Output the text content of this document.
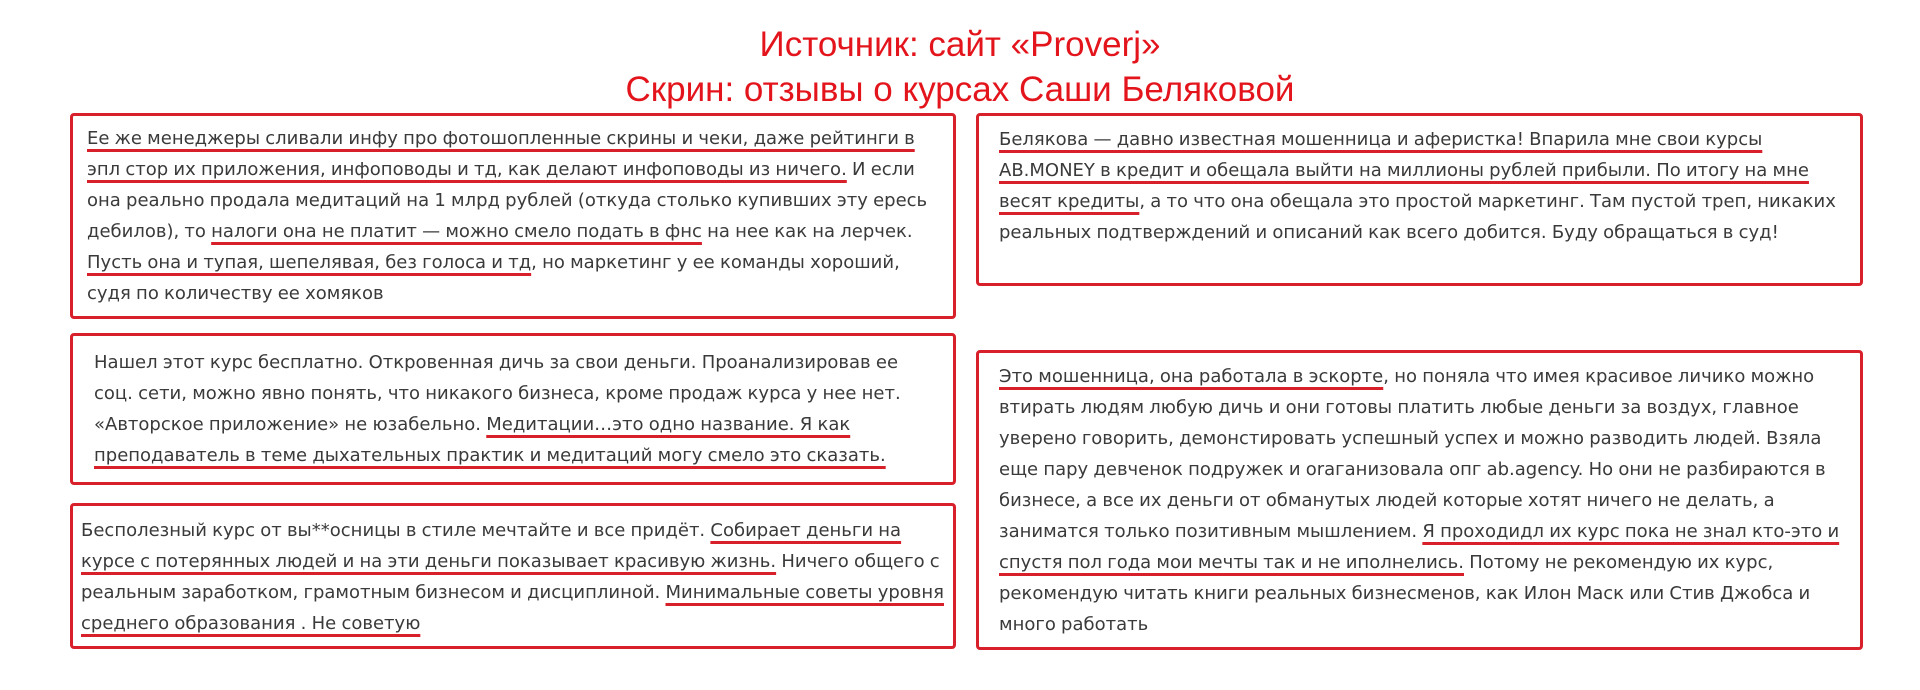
Источник: сайт «Proverj»
Скрин: отзывы о курсах Саши Беляковой

Ее же менеджеры сливали инфу про фотошопленные скрины и чеки, даже рейтинги в эпл стор их приложения, инфоповоды и тд, как делают инфоповоды из ничего. И если она реально продала медитаций на 1 млрд рублей (откуда столько купивших эту ересь дебилов), то налоги она не платит — можно смело подать в фнс на нее как на лерчек. Пусть она и тупая, шепелявая, без голоса и тд, но маркетинг у ее команды хороший, судя по количеству ее хомяков

Нашел этот курс бесплатно. Откровенная дичь за свои деньги. Проанализировав ее соц. сети, можно явно понять, что никакого бизнеса, кроме продаж курса у нее нет. «Авторское приложение» не юзабельно. Медитации…это одно название. Я как преподаватель в теме дыхательных практик и медитаций могу смело это сказать.

Бесполезный курс от вы**осницы в стиле мечтайте и все придёт. Собирает деньги на курсе с потерянных людей и на эти деньги показывает красивую жизнь. Ничего общего с реальным заработком, грамотным бизнесом и дисциплиной. Минимальные советы уровня среднего образования . Не советую

Белякова — давно известная мошенница и аферистка! Впарила мне свои курсы AB.MONEY в кредит и обещала выйти на миллионы рублей прибыли. По итогу на мне весят кредиты, а то что она обещала это простой маркетинг. Там пустой треп, никаких реальных подтверждений и описаний как всего добится. Буду обращаться в суд!

Это мошенница, она работала в эскорте, но поняла что имея красивое личико можно втирать людям любую дичь и они готовы платить любые деньги за воздух, главное уверено говорить, демонстировать успешный успех и можно разводить людей. Взяла еще пару девченок подружек и оraганизовала опг ab.agency. Но они не разбираются в бизнесе, а все их деньги от обманутых людей которые хотят ничего не делать, а заниматся только позитивным мышлением. Я проходидл их курс пока не знал кто-это и спустя пол года мои мечты так и не иполнелись. Потому не рекомендую их курс, рекомендую читать книги реальных бизнесменов, как Илон Маск или Стив Джобса и много работать
